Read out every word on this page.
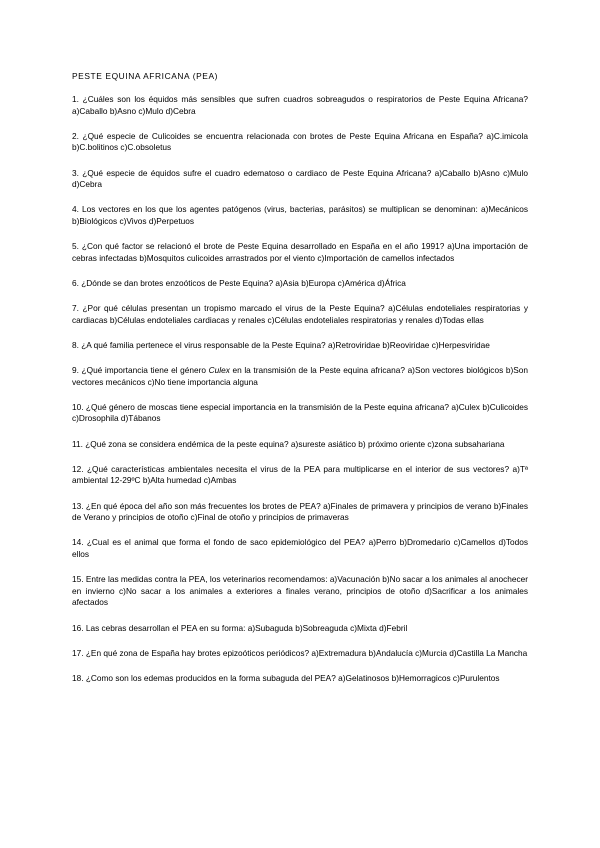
PESTE EQUINA AFRICANA (PEA)

1. ¿Cuáles son los équidos más sensibles que sufren cuadros sobreagudos o respiratorios de Peste Equina Africana? a)Caballo b)Asno c)Mulo d)Cebra

2. ¿Qué especie de Culicoides se encuentra relacionada con brotes de Peste Equina Africana en España? a)C.imicola b)C.bolitinos c)C.obsoletus

3. ¿Qué especie de équidos sufre el cuadro edematoso o cardiaco de Peste Equina Africana? a)Caballo b)Asno c)Mulo d)Cebra

4. Los vectores en los que los agentes patógenos (virus, bacterias, parásitos) se multiplican se denominan: a)Mecánicos b)Biológicos c)Vivos d)Perpetuos

5. ¿Con qué factor se relacionó el brote de Peste Equina desarrollado en España en el año 1991? a)Una importación de cebras infectadas b)Mosquitos culicoides arrastrados por el viento c)Importación de camellos infectados

6. ¿Dónde se dan brotes enzoóticos de Peste Equina? a)Asia b)Europa c)América d)África

7. ¿Por qué células presentan un tropismo marcado el virus de la Peste Equina? a)Células endoteliales respiratorias y cardiacas b)Células endoteliales cardiacas y renales c)Células endoteliales respiratorias y renales d)Todas ellas

8. ¿A qué familia pertenece el virus responsable de la Peste Equina? a)Retroviridae b)Reoviridae c)Herpesviridae

9. ¿Qué importancia tiene el género Culex en la transmisión de la Peste equina africana? a)Son vectores biológicos b)Son vectores mecánicos c)No tiene importancia alguna

10. ¿Qué género de moscas tiene especial importancia en la transmisión de la Peste equina africana? a)Culex b)Culicoides c)Drosophila d)Tábanos

11. ¿Qué zona se considera endémica de la peste equina? a)sureste asiático b) próximo oriente c)zona subsahariana

12. ¿Qué características ambientales necesita el virus de la PEA para multiplicarse en el interior de sus vectores? a)Tª ambiental 12-29ºC b)Alta humedad c)Ambas

13. ¿En qué época del año son más frecuentes los brotes de PEA? a)Finales de primavera y principios de verano b)Finales de Verano y principios de otoño c)Final de otoño y principios de primaveras

14. ¿Cual es el animal que forma el fondo de saco epidemiológico del PEA? a)Perro b)Dromedario c)Camellos d)Todos ellos

15. Entre las medidas contra la PEA, los veterinarios recomendamos: a)Vacunación b)No sacar a los animales al anochecer en invierno c)No sacar a los animales a exteriores a finales verano, principios de otoño d)Sacrificar a los animales afectados

16. Las cebras desarrollan el PEA en su forma: a)Subaguda b)Sobreaguda c)Mixta d)Febril

17. ¿En qué zona de España hay brotes epizoóticos periódicos? a)Extremadura b)Andalucía c)Murcia d)Castilla La Mancha

18. ¿Como son los edemas producidos en la forma subaguda del PEA? a)Gelatinosos b)Hemorragicos c)Purulentos
